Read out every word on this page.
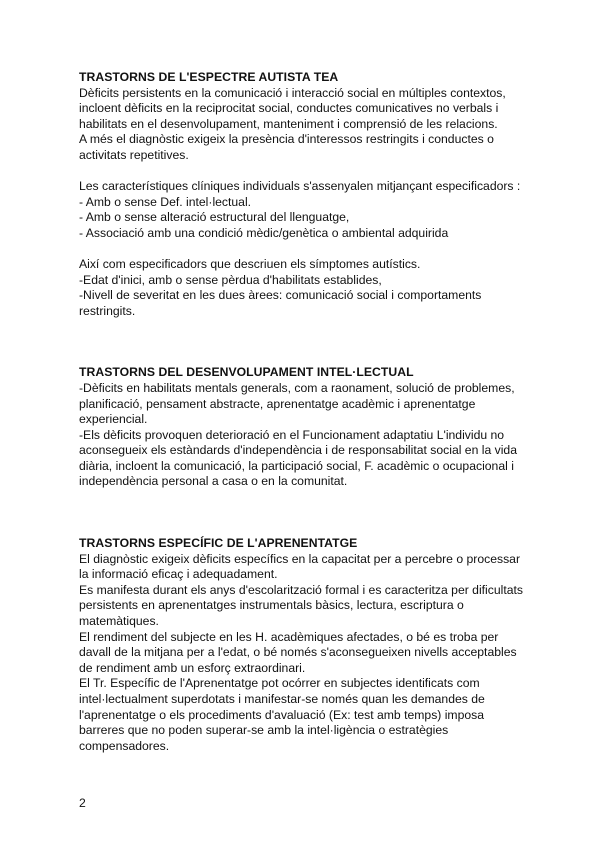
TRASTORNS DE L'ESPECTRE AUTISTA TEA

Dèficits persistents en la comunicació i interacció social en múltiples contextos,

incloent dèficits en la reciprocitat social, conductes comunicatives no verbals i

habilitats en el desenvolupament, manteniment i comprensió de les relacions.

A més el diagnòstic exigeix la presència d'interessos restringits i conductes o

activitats repetitives.

Les característiques clíniques individuals s'assenyalen mitjançant especificadors :

- Amb o sense Def. intel·lectual.

- Amb o sense alteració estructural del llenguatge,

- Associació amb una condició mèdic/genètica o ambiental adquirida

Així com especificadors que descriuen els símptomes autístics.

-Edat d'inici, amb o sense pèrdua d'habilitats establides,

-Nivell de severitat en les dues àrees: comunicació social i comportaments

restringits.

TRASTORNS DEL DESENVOLUPAMENT INTEL·LECTUAL

-Dèficits en habilitats mentals generals, com a raonament, solució de problemes,

planificació, pensament abstracte, aprenentatge acadèmic i aprenentatge

experiencial.

-Els dèficits provoquen deterioració en el Funcionament adaptatiu L'individu no

aconsegueix els estàndards d'independència i de responsabilitat social en la vida

diària, incloent la comunicació, la participació social, F. acadèmic o ocupacional i

independència personal a casa o en la comunitat.

TRASTORNS ESPECÍFIC DE L'APRENENTATGE

El diagnòstic exigeix dèficits específics en la capacitat per a percebre o processar

la informació eficaç i adequadament.

Es manifesta durant els anys d'escolarització formal i es caracteritza per dificultats

persistents en aprenentatges instrumentals bàsics, lectura, escriptura o

matemàtiques.

El rendiment del subjecte en les H. acadèmiques afectades, o bé es troba per

davall de la mitjana per a l'edat, o bé només s'aconsegueixen nivells acceptables

de rendiment amb un esforç extraordinari.

El Tr. Específic de l'Aprenentatge pot ocórrer en subjectes identificats com

intel·lectualment superdotats i manifestar-se només quan les demandes de

l'aprenentatge o els procediments d'avaluació (Ex: test amb temps) imposa

barreres que no poden superar-se amb la intel·ligència o estratègies

compensadores.

2
